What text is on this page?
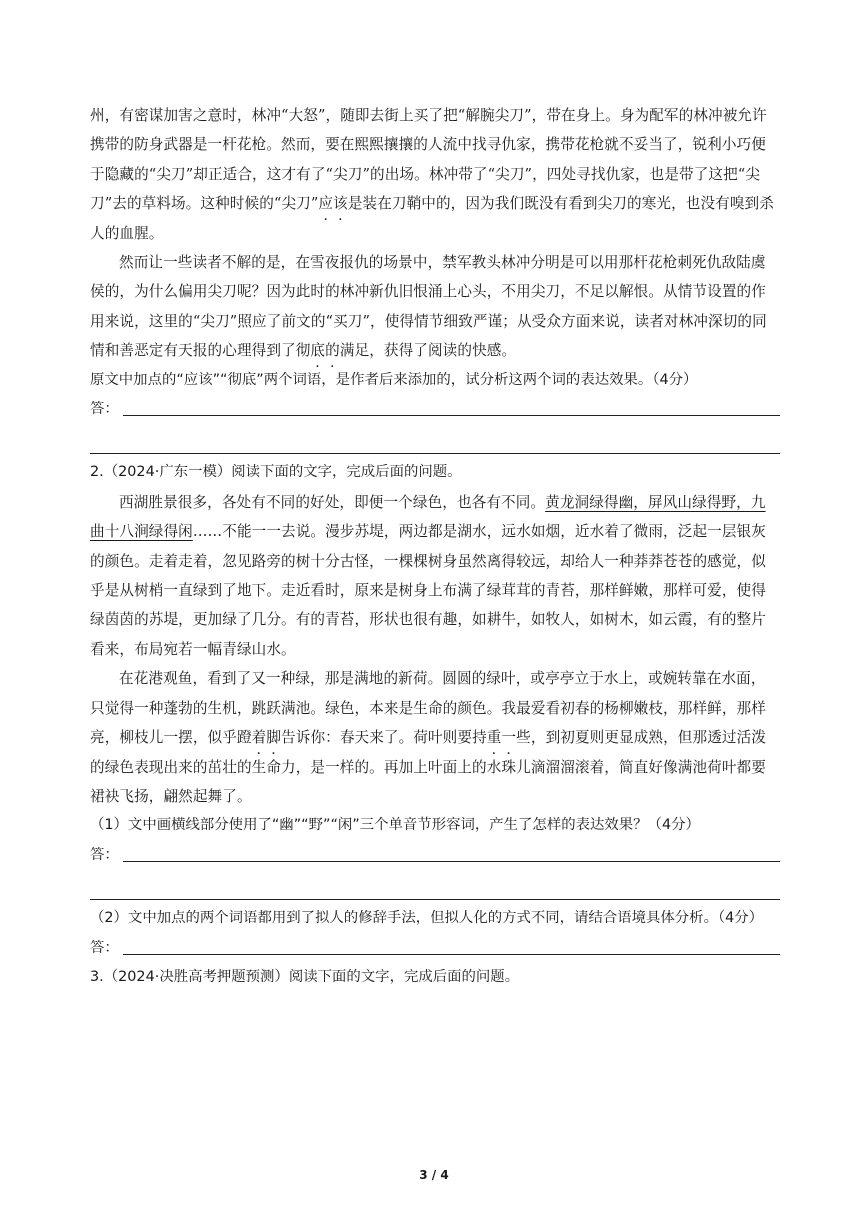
州，有密谋加害之意时，林冲“大怒”，随即去街上买了把“解腕尖刀”，带在身上。身为配军的林冲被允许携带的防身武器是一杆花枪。然而，要在熙熙攘攘的人流中找寻仇家，携带花枪就不妥当了，锐利小巧便于隐藏的“尖刀”却正适合，这才有了“尖刀”的出场。林冲带了“尖刀”，四处寻找仇家，也是带了这把“尖刀”去的草料场。这种时候的“尖刀”应该是装在刀鞘中的，因为我们既没有看到尖刀的寒光，也没有嗅到杀人的血腥。

然而让一些读者不解的是，在雪夜报仇的场景中，禁军教头林冲分明是可以用那杆花枪刺死仇敌陆虞侯的，为什么偏用尖刀呢？因为此时的林冲新仇旧恨涌上心头，不用尖刀，不足以解恨。从情节设置的作用来说，这里的“尖刀”照应了前文的“买刀”，使得情节细致严谨；从受众方面来说，读者对林冲深切的同情和善恶定有天报的心理得到了彻底的满足，获得了阅读的快感。

原文中加点的“应该”“彻底”两个词语，是作者后来添加的，试分析这两个词的表达效果。（4分）

答：

2.（2024·广东一模）阅读下面的文字，完成后面的问题。

西湖胜景很多，各处有不同的好处，即便一个绿色，也各有不同。黄龙洞绿得幽，屏风山绿得野，九曲十八涧绿得闲……不能一一去说。漫步苏堤，两边都是湖水，远水如烟，近水着了微雨，泛起一层银灰的颜色。走着走着，忽见路旁的树十分古怪，一棵棵树身虽然离得较远，却给人一种莽莽苍苍的感觉，似乎是从树梢一直绿到了地下。走近看时，原来是树身上布满了绿茸茸的青苔，那样鲜嫩，那样可爱，使得绿茵茵的苏堤，更加绿了几分。有的青苔，形状也很有趣，如耕牛，如牧人，如树木，如云霞，有的整片看来，布局宛若一幅青绿山水。

在花港观鱼，看到了又一种绿，那是满地的新荷。圆圆的绿叶，或亭亭立于水上，或婉转靠在水面，只觉得一种蓬勃的生机，跳跃满池。绿色，本来是生命的颜色。我最爱看初春的杨柳嫩枝，那样鲜，那样亮，柳枝儿一摆，似乎蹬着脚告诉你：春天来了。荷叶则要持重一些，到初夏则更显成熟，但那透过活泼的绿色表现出来的茁壮的生命力，是一样的。再加上叶面上的水珠儿滴溜溜滚着，简直好像满池荷叶都要裙袂飞扬，翩然起舞了。

（1）文中画横线部分使用了“幽”“野”“闲”三个单音节形容词，产生了怎样的表达效果？（4分）

答：

（2）文中加点的两个词语都用到了拟人的修辞手法，但拟人化的方式不同，请结合语境具体分析。（4分）

答：

3.（2024·决胜高考押题预测）阅读下面的文字，完成后面的问题。

3 / 4
